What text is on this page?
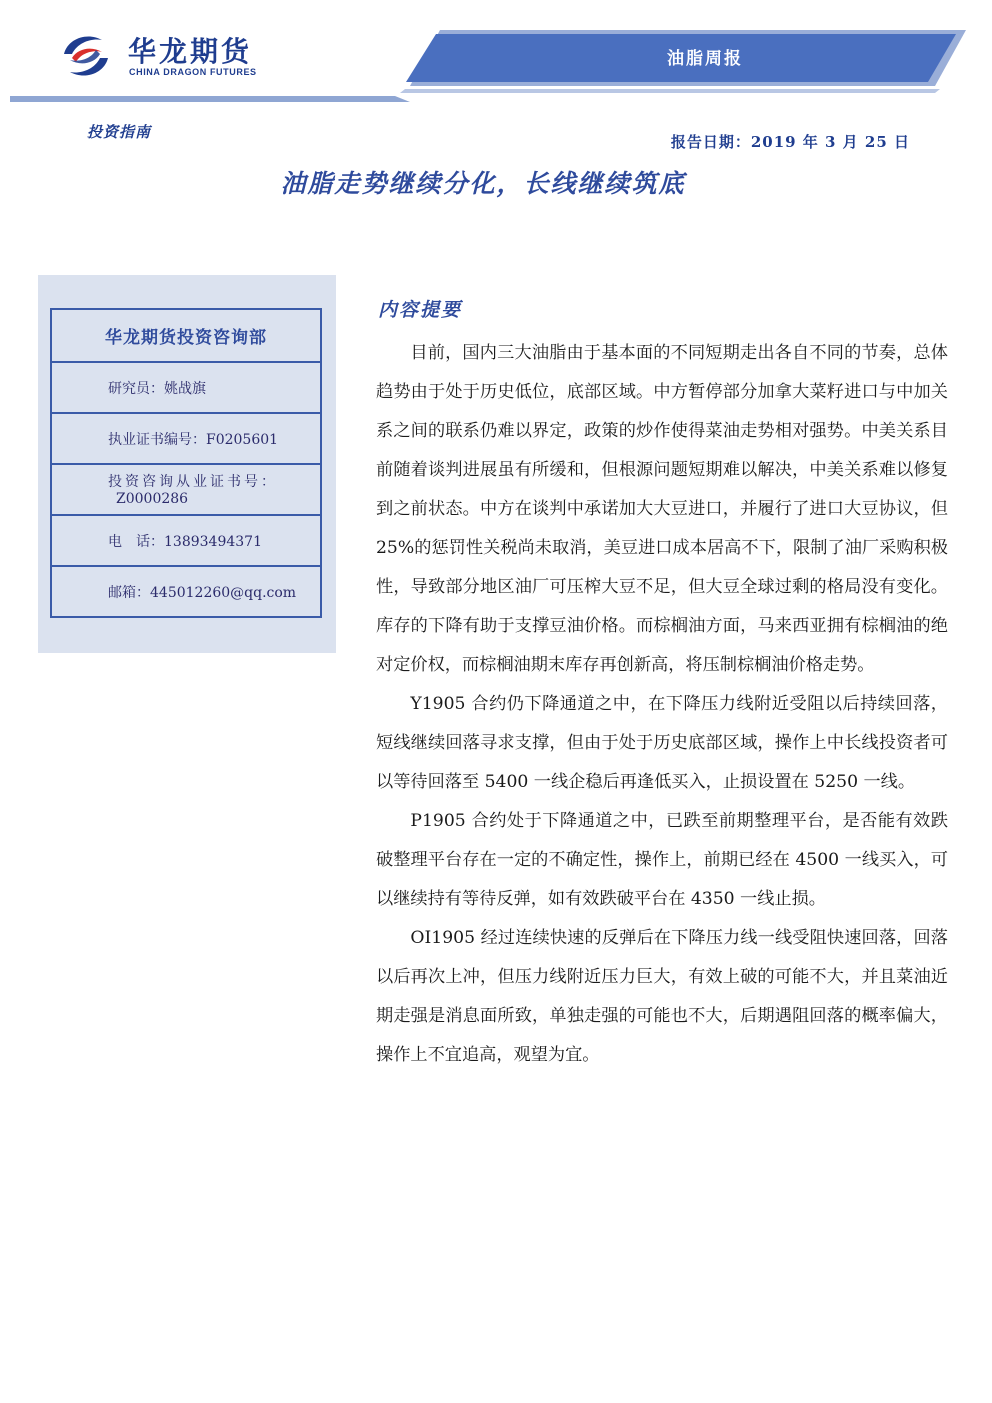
华龙期货
CHINA DRAGON FUTURES
油脂周报
投资指南
报告日期：2019 年 3 月 25 日
油脂走势继续分化，长线继续筑底
华龙期货投资咨询部
研究员：姚战旗
执业证书编号：F0205601
投资咨询从业证书号：
Z0000286
电　话：13893494371
邮箱：445012260@qq.com
内容提要

目前，国内三大油脂由于基本面的不同短期走出各自不同的节奏，总体趋势由于处于历史低位，底部区域。中方暂停部分加拿大菜籽进口与中加关系之间的联系仍难以界定，政策的炒作使得菜油走势相对强势。中美关系目前随着谈判进展虽有所缓和，但根源问题短期难以解决，中美关系难以修复到之前状态。中方在谈判中承诺加大大豆进口，并履行了进口大豆协议，但 25%的惩罚性关税尚未取消，美豆进口成本居高不下，限制了油厂采购积极性，导致部分地区油厂可压榨大豆不足，但大豆全球过剩的格局没有变化。库存的下降有助于支撑豆油价格。而棕榈油方面，马来西亚拥有棕榈油的绝对定价权，而棕榈油期末库存再创新高，将压制棕榈油价格走势。

Y1905 合约仍下降通道之中，在下降压力线附近受阻以后持续回落，短线继续回落寻求支撑，但由于处于历史底部区域，操作上中长线投资者可以等待回落至 5400 一线企稳后再逢低买入，止损设置在 5250 一线。

P1905 合约处于下降通道之中，已跌至前期整理平台，是否能有效跌破整理平台存在一定的不确定性，操作上，前期已经在 4500 一线买入，可以继续持有等待反弹，如有效跌破平台在 4350 一线止损。

OI1905 经过连续快速的反弹后在下降压力线一线受阻快速回落，回落以后再次上冲，但压力线附近压力巨大，有效上破的可能不大，并且菜油近期走强是消息面所致，单独走强的可能也不大，后期遇阻回落的概率偏大，操作上不宜追高，观望为宜。
